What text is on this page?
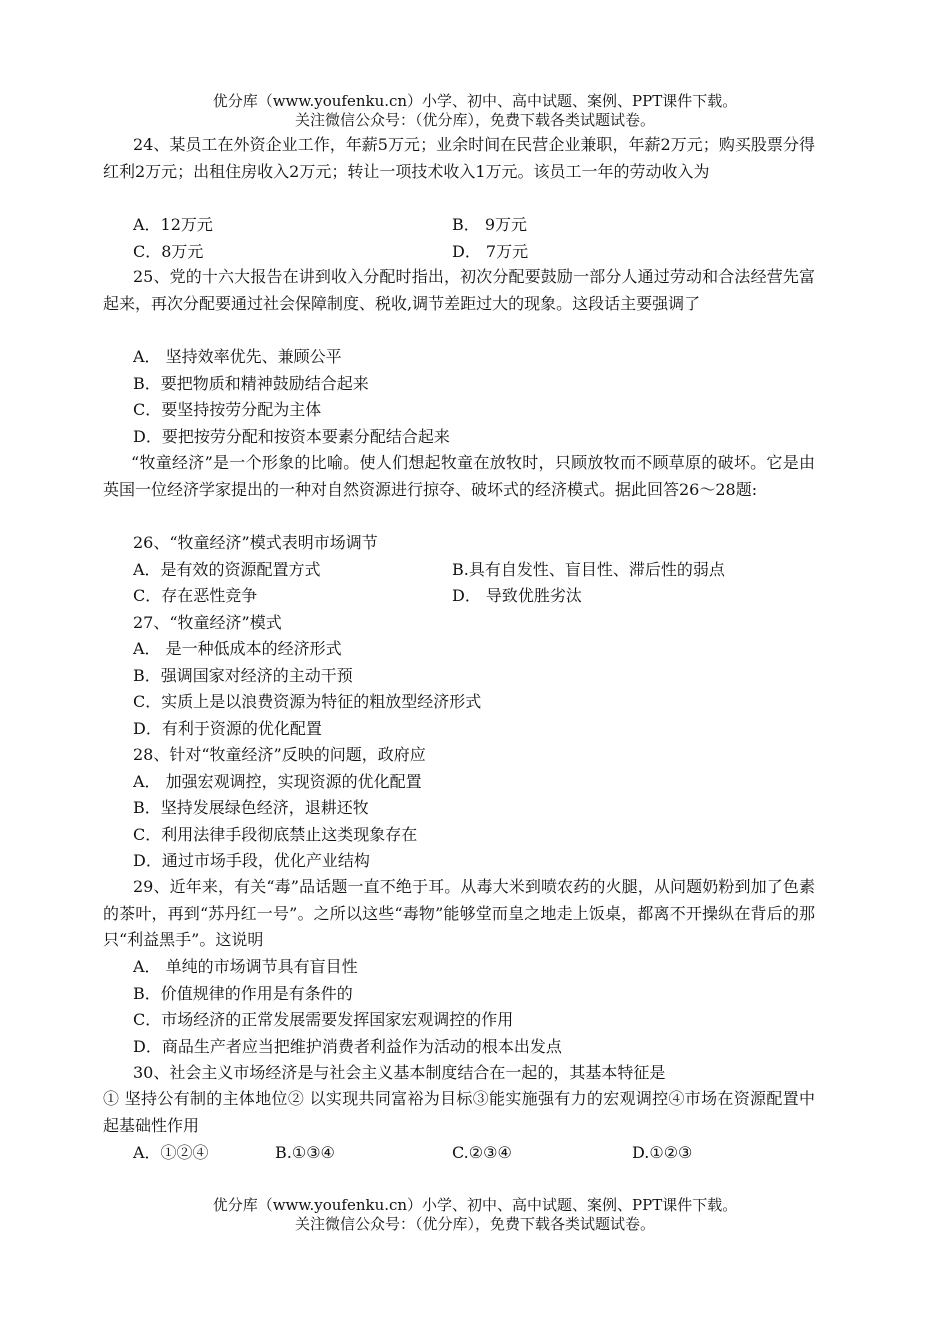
优分库（www.youfenku.cn）小学、初中、高中试题、案例、PPT课件下载。
关注微信公众号：（优分库），免费下载各类试题试卷。
24、某员工在外资企业工作，年薪5万元；业余时间在民营企业兼职，年薪2万元；购买股票分得红利2万元；出租住房收入2万元；转让一项技术收入1万元。该员工一年的劳动收入为
A．12万元	B． 9万元
C．8万元	D． 7万元
25、党的十六大报告在讲到收入分配时指出，初次分配要鼓励一部分人通过劳动和合法经营先富起来，再次分配要通过社会保障制度、税收,调节差距过大的现象。这段话主要强调了
A． 坚持效率优先、兼顾公平
B．要把物质和精神鼓励结合起来
C．要坚持按劳分配为主体
D．要把按劳分配和按资本要素分配结合起来
“牧童经济”是一个形象的比喻。使人们想起牧童在放牧时，只顾放牧而不顾草原的破坏。它是由英国一位经济学家提出的一种对自然资源进行掠夺、破坏式的经济模式。据此回答26～28题:
26、“牧童经济”模式表明市场调节
A．是有效的资源配置方式	B.具有自发性、盲目性、滞后性的弱点
C．存在恶性竞争	D． 导致优胜劣汰
27、“牧童经济”模式
A． 是一种低成本的经济形式
B．强调国家对经济的主动干预
C．实质上是以浪费资源为特征的粗放型经济形式
D．有利于资源的优化配置
28、针对“牧童经济”反映的问题，政府应
A． 加强宏观调控，实现资源的优化配置
B．坚持发展绿色经济，退耕还牧
C．利用法律手段彻底禁止这类现象存在
D．通过市场手段，优化产业结构
29、近年来，有关“毒”品话题一直不绝于耳。从毒大米到喷农药的火腿，从问题奶粉到加了色素的茶叶，再到“苏丹红一号”。之所以这些“毒物”能够堂而皇之地走上饭桌，都离不开操纵在背后的那只“利益黑手”。这说明
A． 单纯的市场调节具有盲目性
B．价值规律的作用是有条件的
C．市场经济的正常发展需要发挥国家宏观调控的作用
D．商品生产者应当把维护消费者利益作为活动的根本出发点
30、社会主义市场经济是与社会主义基本制度结合在一起的，其基本特征是
① 坚持公有制的主体地位② 以实现共同富裕为目标③能实施强有力的宏观调控④市场在资源配置中起基础性作用
A．①②④	B.①③④	C.②③④	D.①②③
优分库（www.youfenku.cn）小学、初中、高中试题、案例、PPT课件下载。
关注微信公众号：（优分库），免费下载各类试题试卷。
